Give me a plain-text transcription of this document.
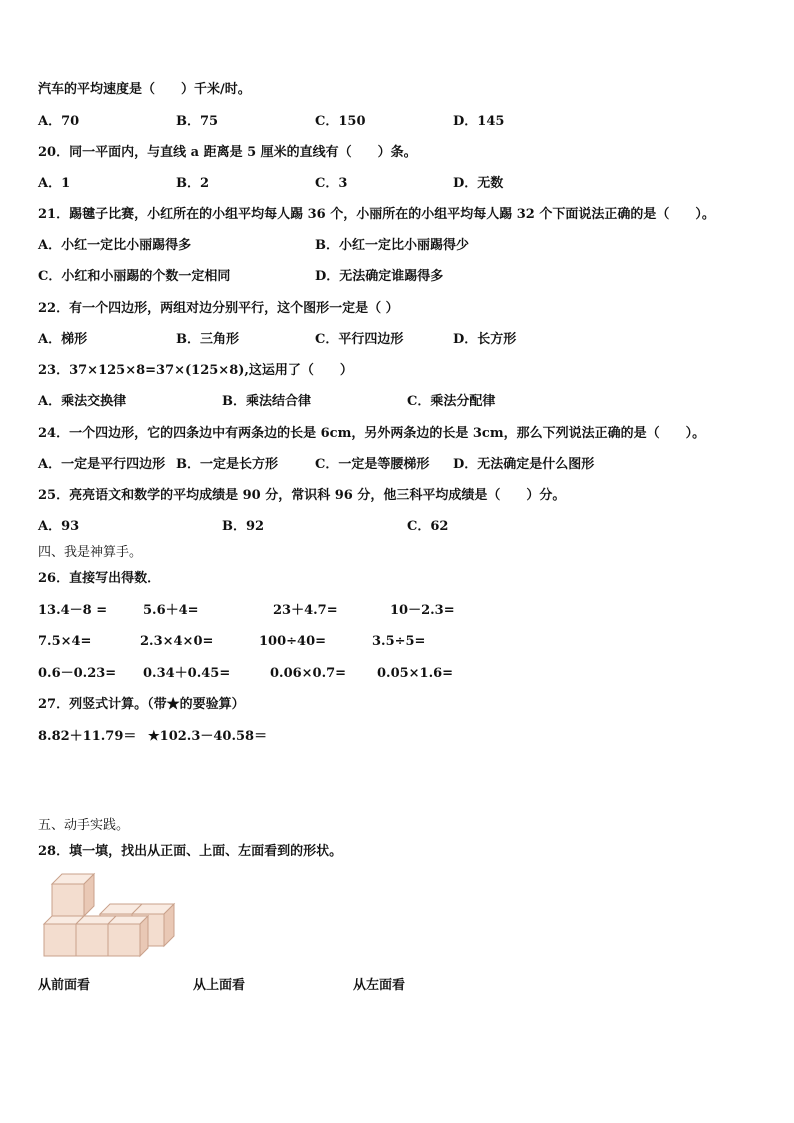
汽车的平均速度是（　　）千米/时。
A．70	B．75	C．150	D．145
20．同一平面内，与直线 a 距离是 5 厘米的直线有（　　）条。
A．1	B．2	C．3	D．无数
21．踢毽子比赛，小红所在的小组平均每人踢 36 个，小丽所在的小组平均每人踢 32 个下面说法正确的是（　　）。
A．小红一定比小丽踢得多	B．小红一定比小丽踢得少
C．小红和小丽踢的个数一定相同	D．无法确定谁踢得多
22．有一个四边形，两组对边分别平行，这个图形一定是（ ）
A．梯形	B．三角形	C．平行四边形	D．长方形
23．37×125×8=37×(125×8),这运用了（　　）
A．乘法交换律	B．乘法结合律	C．乘法分配律
24．一个四边形，它的四条边中有两条边的长是 6cm，另外两条边的长是 3cm，那么下列说法正确的是（　　）。
A．一定是平行四边形 B．一定是长方形	C．一定是等腰梯形 D．无法确定是什么图形
25．亮亮语文和数学的平均成绩是 90 分，常识科 96 分，他三科平均成绩是（　　）分。
A．93	B．92	C．62
四、我是神算手。
26．直接写出得数．
13.4－8 =	5.6＋4=	23＋4.7=	10－2.3=
7.5×4=	2.3×4×0=	100÷40=	3.5÷5=
0.6－0.23= 0.34＋0.45=	0.06×0.7= 0.05×1.6=
27．列竖式计算。（带★的要验算）
8.82＋11.79＝ ★102.3－40.58＝
五、动手实践。
28．填一填，找出从正面、上面、左面看到的形状。
从前面看	从上面看	从左面看
